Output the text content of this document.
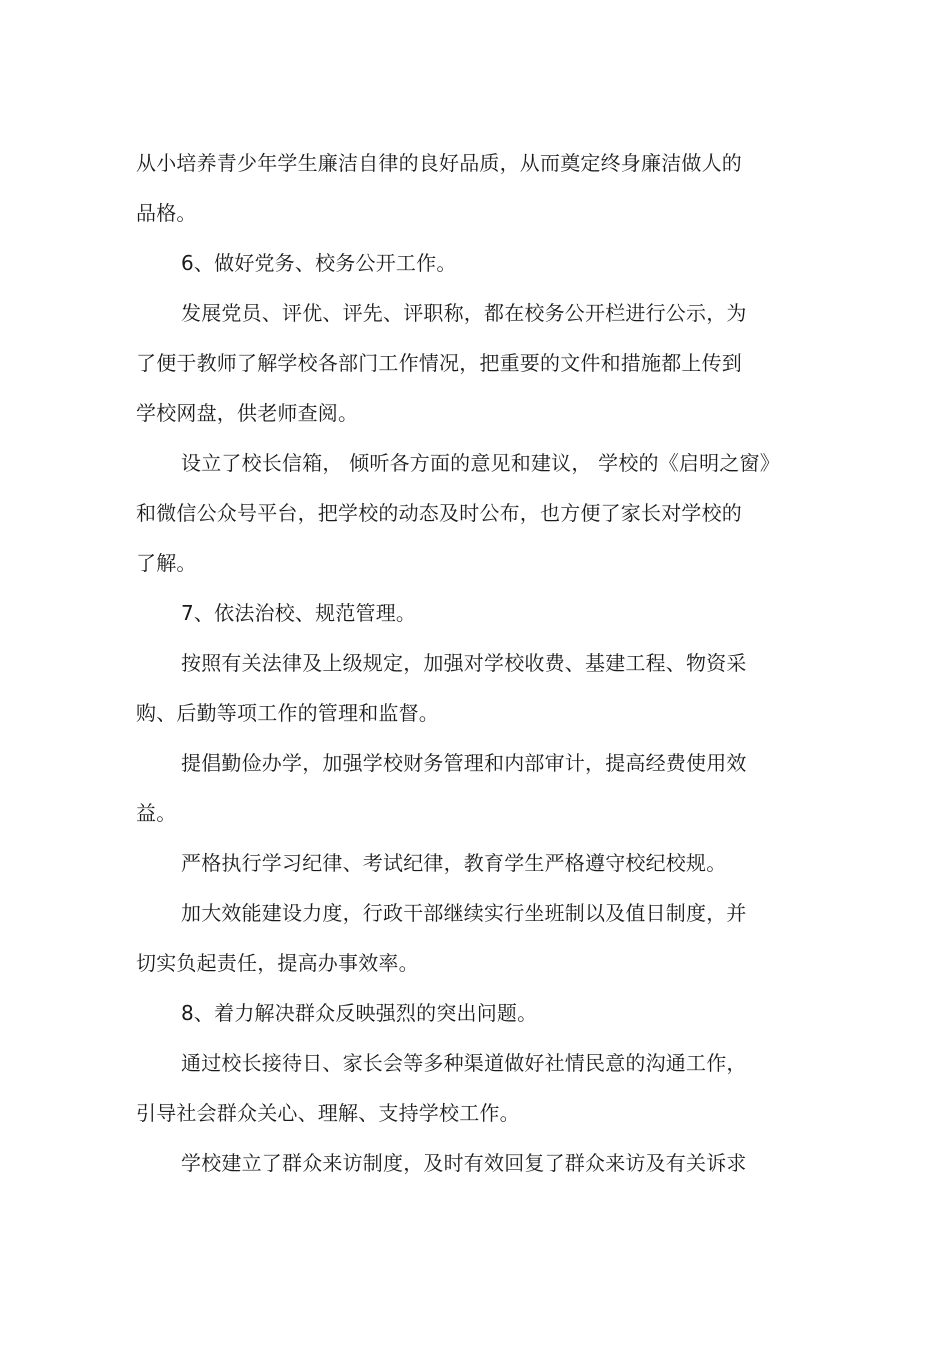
从小培养青少年学生廉洁自律的良好品质，从而奠定终身廉洁做人的
品格。
6、做好党务、校务公开工作。
发展党员、评优、评先、评职称，都在校务公开栏进行公示，为
了便于教师了解学校各部门工作情况，把重要的文件和措施都上传到
学校网盘，供老师查阅。
设立了校长信箱， 倾听各方面的意见和建议， 学校的《启明之窗》
和微信公众号平台，把学校的动态及时公布，也方便了家长对学校的
了解。
7、依法治校、规范管理。
按照有关法律及上级规定，加强对学校收费、基建工程、物资采
购、后勤等项工作的管理和监督。
提倡勤俭办学，加强学校财务管理和内部审计，提高经费使用效
益。
严格执行学习纪律、考试纪律，教育学生严格遵守校纪校规。
加大效能建设力度，行政干部继续实行坐班制以及值日制度，并
切实负起责任，提高办事效率。
8、着力解决群众反映强烈的突出问题。
通过校长接待日、家长会等多种渠道做好社情民意的沟通工作，
引导社会群众关心、理解、支持学校工作。
学校建立了群众来访制度，及时有效回复了群众来访及有关诉求
